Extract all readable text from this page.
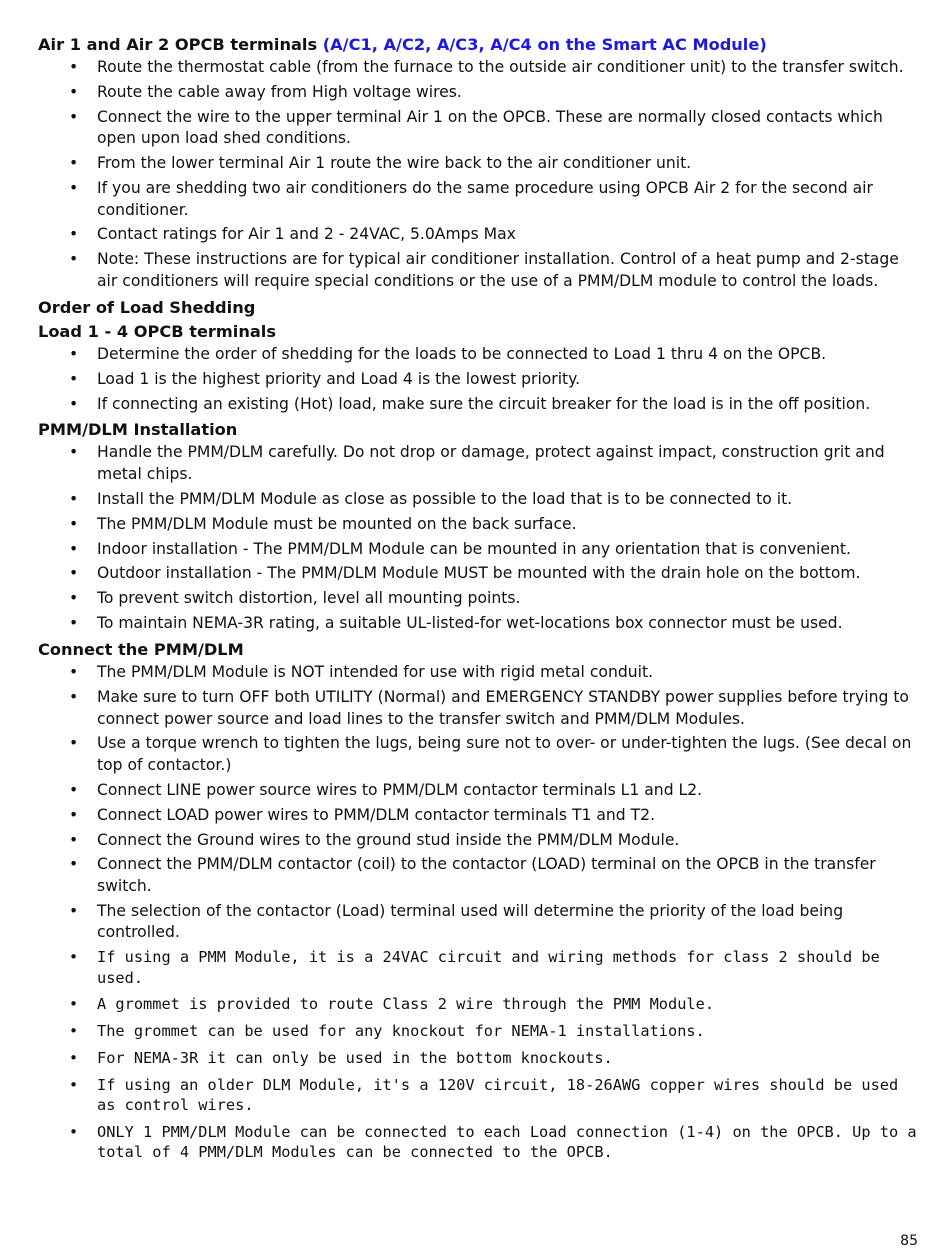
Air 1 and Air 2 OPCB terminals (A/C1, A/C2, A/C3, A/C4 on the Smart AC Module)

• Route the thermostat cable (from the furnace to the outside air conditioner unit) to the transfer switch.
• Route the cable away from High voltage wires.
• Connect the wire to the upper terminal Air 1 on the OPCB. These are normally closed contacts which open upon load shed conditions.
• From the lower terminal Air 1 route the wire back to the air conditioner unit.
• If you are shedding two air conditioners do the same procedure using OPCB Air 2 for the second air conditioner.
• Contact ratings for Air 1 and 2 - 24VAC, 5.0Amps Max
• Note: These instructions are for typical air conditioner installation. Control of a heat pump and 2-stage air conditioners will require special conditions or the use of a PMM/DLM module to control the loads.

Order of Load Shedding

Load 1 - 4 OPCB terminals

• Determine the order of shedding for the loads to be connected to Load 1 thru 4 on the OPCB.
• Load 1 is the highest priority and Load 4 is the lowest priority.
• If connecting an existing (Hot) load, make sure the circuit breaker for the load is in the off position.

PMM/DLM Installation

• Handle the PMM/DLM carefully. Do not drop or damage, protect against impact, construction grit and metal chips.
• Install the PMM/DLM Module as close as possible to the load that is to be connected to it.
• The PMM/DLM Module must be mounted on the back surface.
• Indoor installation - The PMM/DLM Module can be mounted in any orientation that is convenient.
• Outdoor installation - The PMM/DLM Module MUST be mounted with the drain hole on the bottom.
• To prevent switch distortion, level all mounting points.
• To maintain NEMA-3R rating, a suitable UL-listed-for wet-locations box connector must be used.

Connect the PMM/DLM

• The PMM/DLM Module is NOT intended for use with rigid metal conduit.
• Make sure to turn OFF both UTILITY (Normal) and EMERGENCY STANDBY power supplies before trying to connect power source and load lines to the transfer switch and PMM/DLM Modules.
• Use a torque wrench to tighten the lugs, being sure not to over- or under-tighten the lugs. (See decal on top of contactor.)
• Connect LINE power source wires to PMM/DLM contactor terminals L1 and L2.
• Connect LOAD power wires to PMM/DLM contactor terminals T1 and T2.
• Connect the Ground wires to the ground stud inside the PMM/DLM Module.
• Connect the PMM/DLM contactor (coil) to the contactor (LOAD) terminal on the OPCB in the transfer switch.
• The selection of the contactor (Load) terminal used will determine the priority of the load being controlled.
• If using a PMM Module, it is a 24VAC circuit and wiring methods for class 2 should be used.
• A grommet is provided to route Class 2 wire through the PMM Module.
• The grommet can be used for any knockout for NEMA-1 installations.
• For NEMA-3R it can only be used in the bottom knockouts.
• If using an older DLM Module, it's a 120V circuit, 18-26AWG copper wires should be used as control wires.
• ONLY 1 PMM/DLM Module can be connected to each Load connection (1-4) on the OPCB. Up to a total of 4 PMM/DLM Modules can be connected to the OPCB.
85
